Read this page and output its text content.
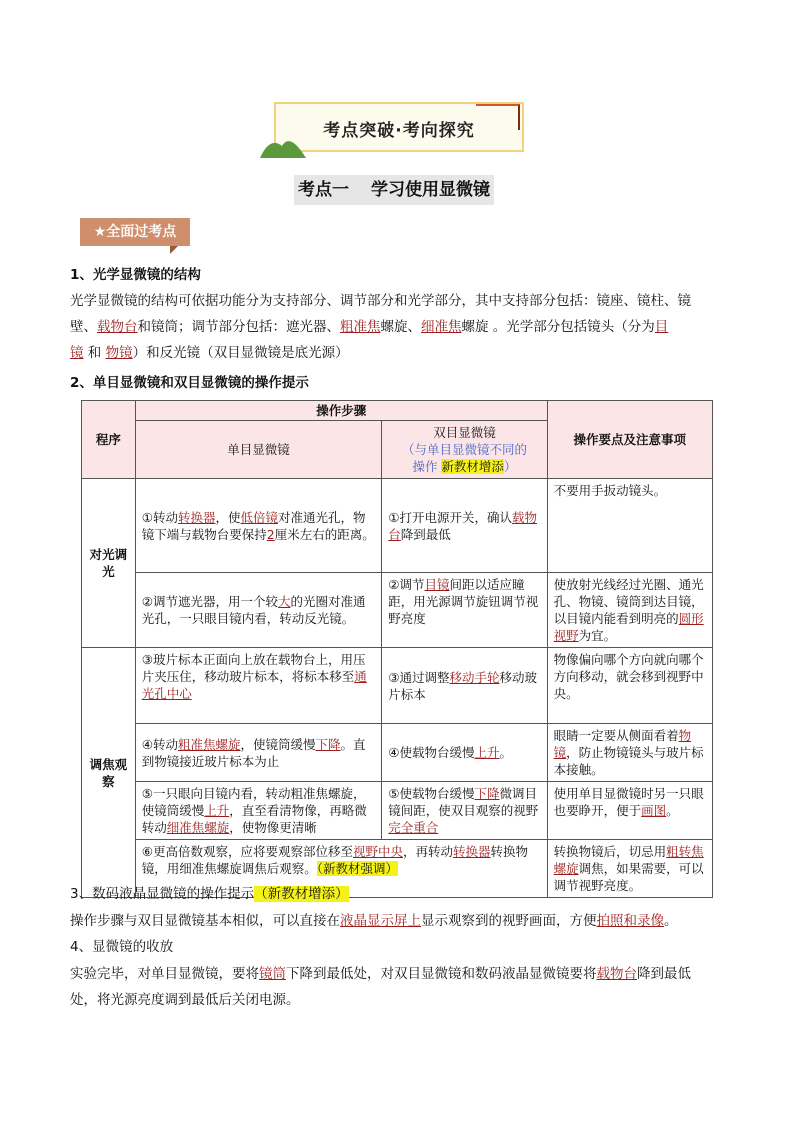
考点突破·考向探究
考点一 学习使用显微镜
★全面过考点
1、光学显微镜的结构
光学显微镜的结构可依据功能分为支持部分、调节部分和光学部分，其中支持部分包括：镜座、镜柱、镜
壁、载物台和镜筒；调节部分包括：遮光器、粗准焦螺旋、细准焦螺旋 。光学部分包括镜头（分为目
镜 和 物镜）和反光镜（双目显微镜是底光源）
2、单目显微镜和双目显微镜的操作提示
程序	操作步骤		操作要点及注意事项
	单目显微镜	双目显微镜
（与单目显微镜不同的
操作 新教材增添）	

对光调光	①转动转换器，使低倍镜对准通光孔，物镜下端与载物台要保持2厘米左右的距离。	①打开电源开关，确认载物台降到最低	不要用手扳动镜头。
	②调节遮光器，用一个较大的光圈对准通光孔，一只眼目镜内看，转动反光镜。	②调节目镜间距以适应瞳距，用光源调节旋钮调节视野亮度	使放射光线经过光圈、通光孔、物镜、镜筒到达目镜，以目镜内能看到明亮的圆形视野为宜。
调焦观察	③玻片标本正面向上放在载物台上，用压片夹压住，移动玻片标本，将标本移至通光孔中心	③通过调整移动手轮移动玻片标本	物像偏向哪个方向就向哪个方向移动，就会移到视野中央。
	④转动粗准焦螺旋，使镜筒缓慢下降。直到物镜接近玻片标本为止	④使载物台缓慢上升。	眼睛一定要从侧面看着物镜，防止物镜镜头与玻片标本接触。
	⑤一只眼向目镜内看，转动粗准焦螺旋，使镜筒缓慢上升，直至看清物像，再略微转动细准焦螺旋，使物像更清晰	⑤使载物台缓慢下降微调目镜间距，使双目观察的视野完全重合	使用单目显微镜时另一只眼也要睁开，便于画图。
	⑥更高倍数观察，应将要观察部位移至视野中央，再转动转换器转换物镜，用细准焦螺旋调焦后观察。（新教材强调）		转换物镜后，切忌用粗转焦螺旋调焦，如果需要，可以调节视野亮度。
3、数码液晶显微镜的操作提示（新教材增添）
操作步骤与双目显微镜基本相似，可以直接在液晶显示屏上显示观察到的视野画面，方便拍照和录像。
4、显微镜的收放
实验完毕，对单目显微镜，要将镜筒下降到最低处，对双目显微镜和数码液晶显微镜要将载物台降到最低
处，将光源亮度调到最低后关闭电源。
